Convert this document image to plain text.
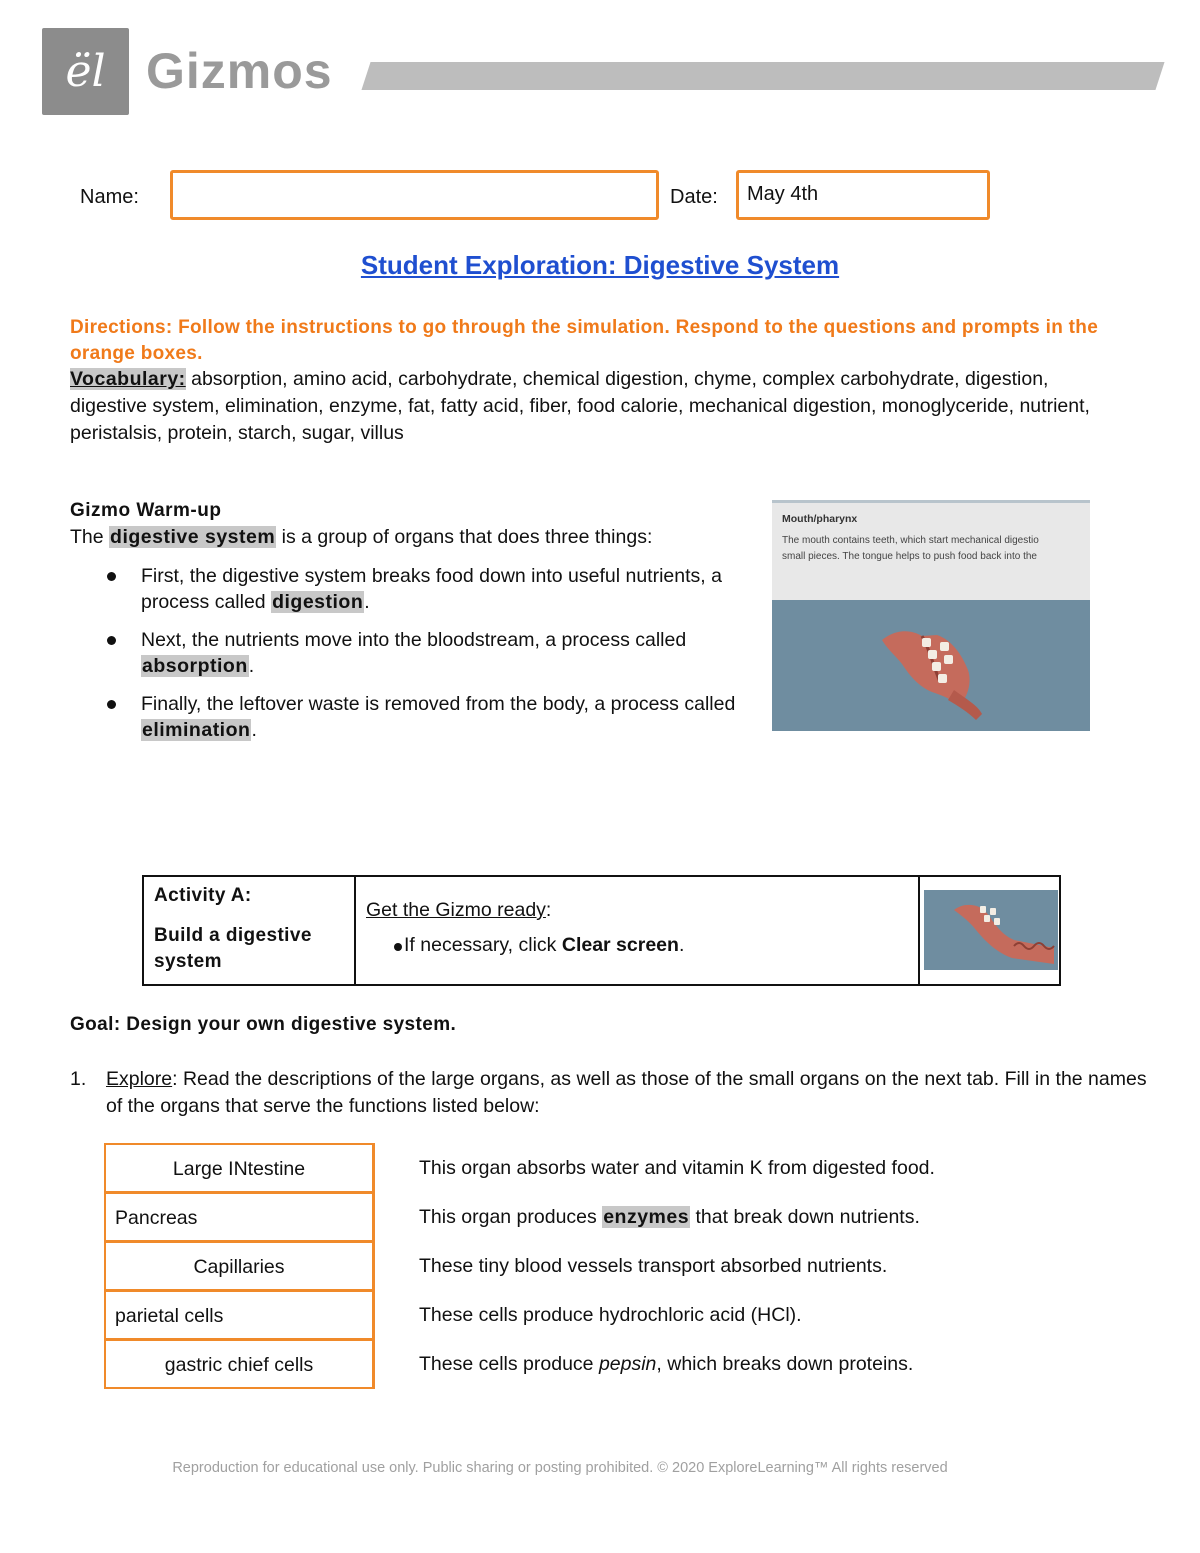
ël Gizmos
Name:	Date:	May 4th
Student Exploration: Digestive System
Directions: Follow the instructions to go through the simulation. Respond to the questions and prompts in the orange boxes.
Vocabulary: absorption, amino acid, carbohydrate, chemical digestion, chyme, complex carbohydrate, digestion, digestive system, elimination, enzyme, fat, fatty acid, fiber, food calorie, mechanical digestion, monoglyceride, nutrient, peristalsis, protein, starch, sugar, villus
Gizmo Warm-up
The digestive system is a group of organs that does three things:
First, the digestive system breaks food down into useful nutrients, a process called digestion.
Next, the nutrients move into the bloodstream, a process called absorption.
Finally, the leftover waste is removed from the body, a process called elimination.
Mouth/pharynx
The mouth contains teeth, which start mechanical digestio
small pieces. The tongue helps to push food back into the
Activity A:
Build a digestive system
Get the Gizmo ready:
If necessary, click Clear screen.
Goal: Design your own digestive system.
1. Explore: Read the descriptions of the large organs, as well as those of the small organs on the next tab. Fill in the names of the organs that serve the functions listed below:
Large INtestine	This organ absorbs water and vitamin K from digested food.
Pancreas	This organ produces enzymes that break down nutrients.
Capillaries	These tiny blood vessels transport absorbed nutrients.
parietal cells	These cells produce hydrochloric acid (HCl).
gastric chief cells	These cells produce pepsin, which breaks down proteins.
Reproduction for educational use only. Public sharing or posting prohibited. © 2020 ExploreLearning™ All rights reserved
